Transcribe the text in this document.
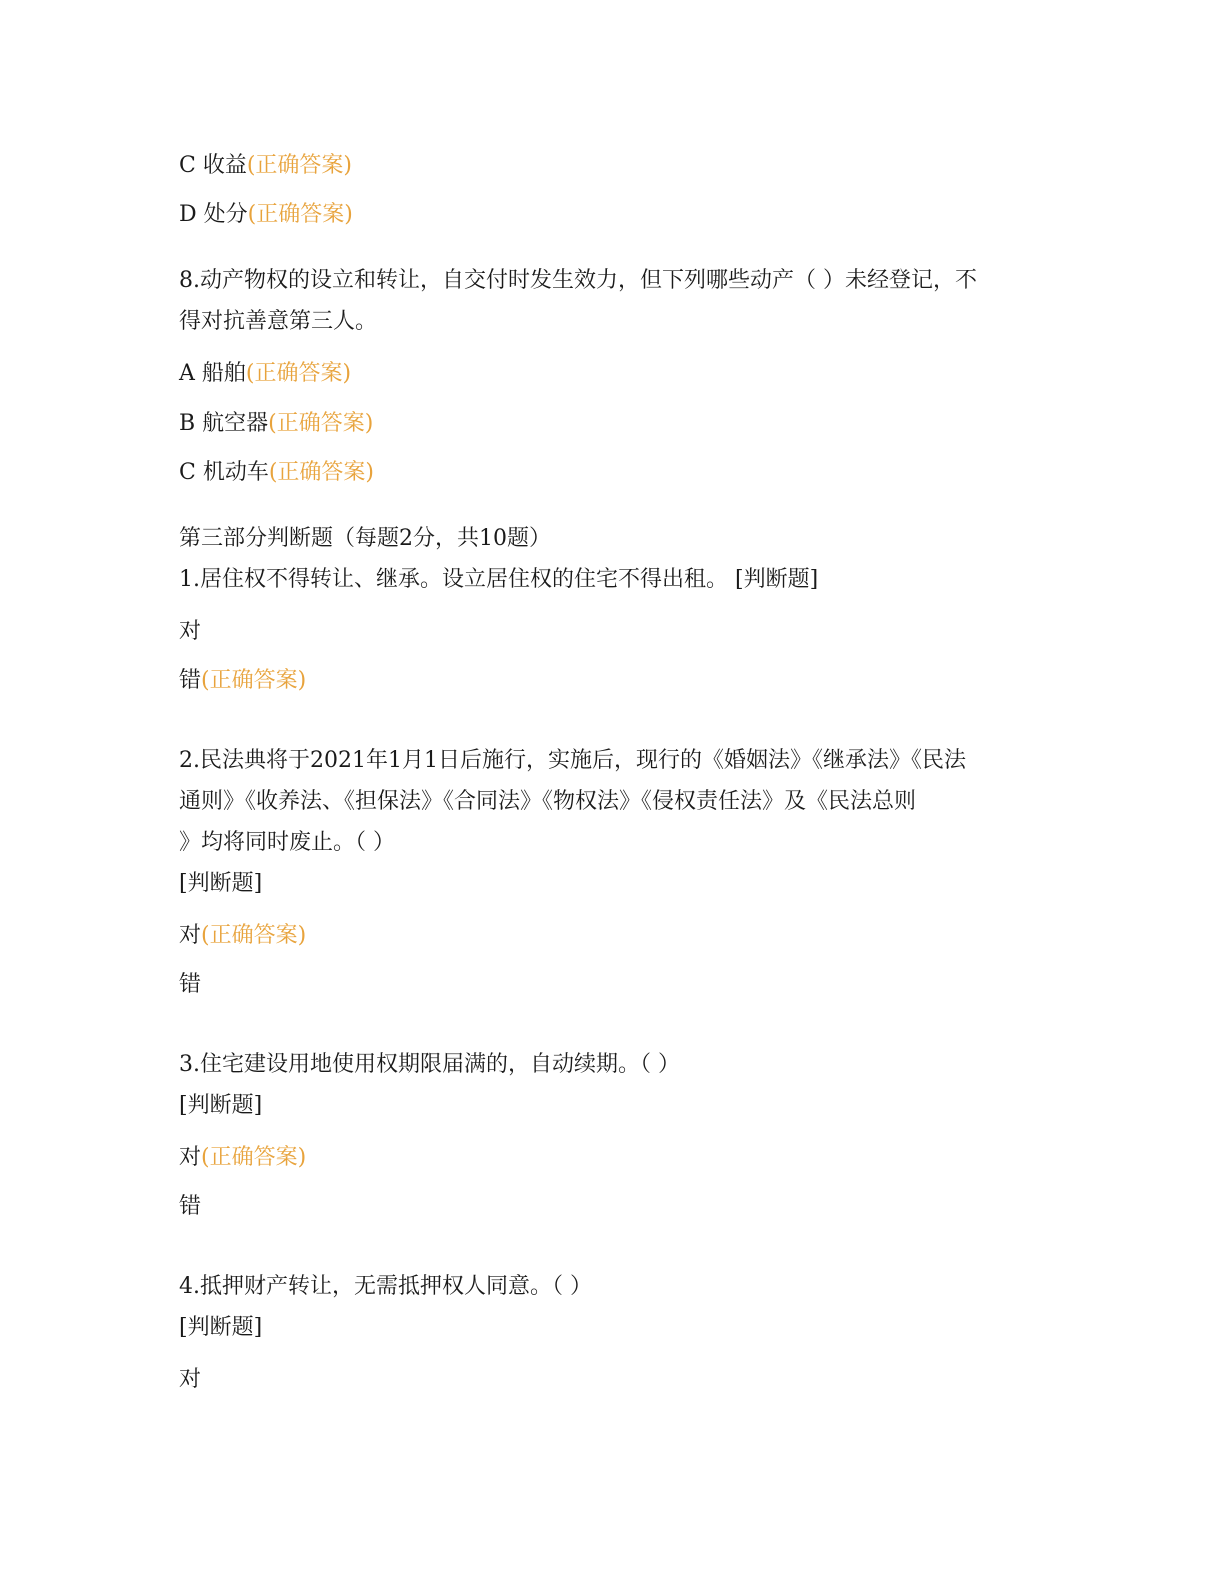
C 收益(正确答案)
D 处分(正确答案)
8.动产物权的设立和转让，自交付时发生效力，但下列哪些动产（ ）未经登记，不
得对抗善意第三人。
A 船舶(正确答案)
B 航空器(正确答案)
C 机动车(正确答案)
第三部分判断题（每题2分，共10题）
1.居住权不得转让、继承。设立居住权的住宅不得出租。 [判断题]
对
错(正确答案)
2.民法典将于2021年1月1日后施行，实施后，现行的《婚姻法》《继承法》《民法
通则》《收养法、《担保法》《合同法》《物权法》《侵权责任法》及《民法总则
》均将同时废止。（ ）
[判断题]
对(正确答案)
错
3.住宅建设用地使用权期限届满的，自动续期。（ ）
[判断题]
对(正确答案)
错
4.抵押财产转让，无需抵押权人同意。（ ）
[判断题]
对
